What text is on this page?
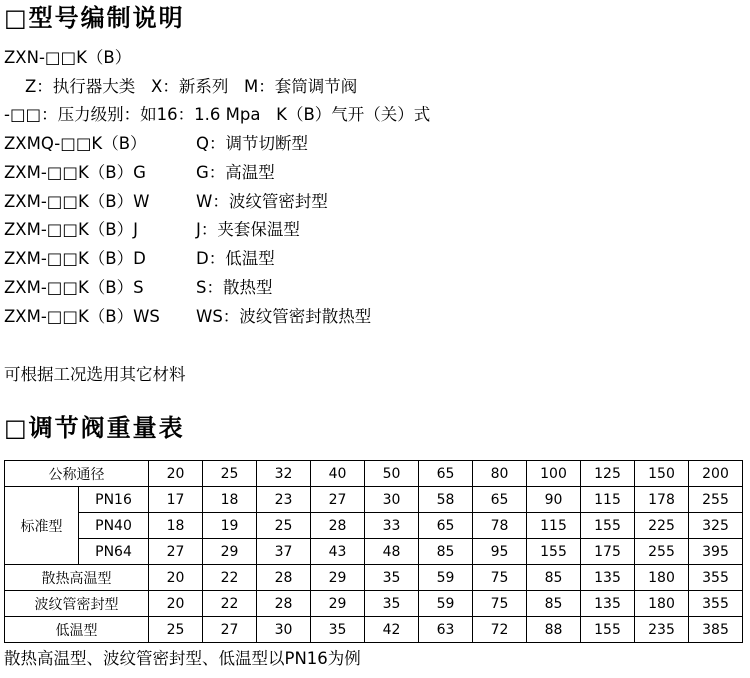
□型号编制说明
ZXN-□□K（B）
Z：执行器大类   X：新系列   M：套筒调节阀
-□□：压力级别：如16：1.6 Mpa   K（B）气开（关）式
ZXMQ-□□K（B）	Q：调节切断型
ZXM-□□K（B）G	G：高温型
ZXM-□□K（B）W	W：波纹管密封型
ZXM-□□K（B）J	J：夹套保温型
ZXM-□□K（B）D	D：低温型
ZXM-□□K（B）S	S：散热型
ZXM-□□K（B）WS WS：波纹管密封散热型
可根据工况选用其它材料
□调节阀重量表
公称通径		20	25	32	40	50	65	80	100	125	150	200
标准型	PN16	17	18	23	27	30	58	65	90	115	178	255
	PN40	18	19	25	28	33	65	78	115	155	225	325
	PN64	27	29	37	43	48	85	95	155	175	255	395
散热高温型		20	22	28	29	35	59	75	85	135	180	355
波纹管密封型		20	22	28	29	35	59	75	85	135	180	355
低温型		25	27	30	35	42	63	72	88	155	235	385
散热高温型、波纹管密封型、低温型以PN16为例
